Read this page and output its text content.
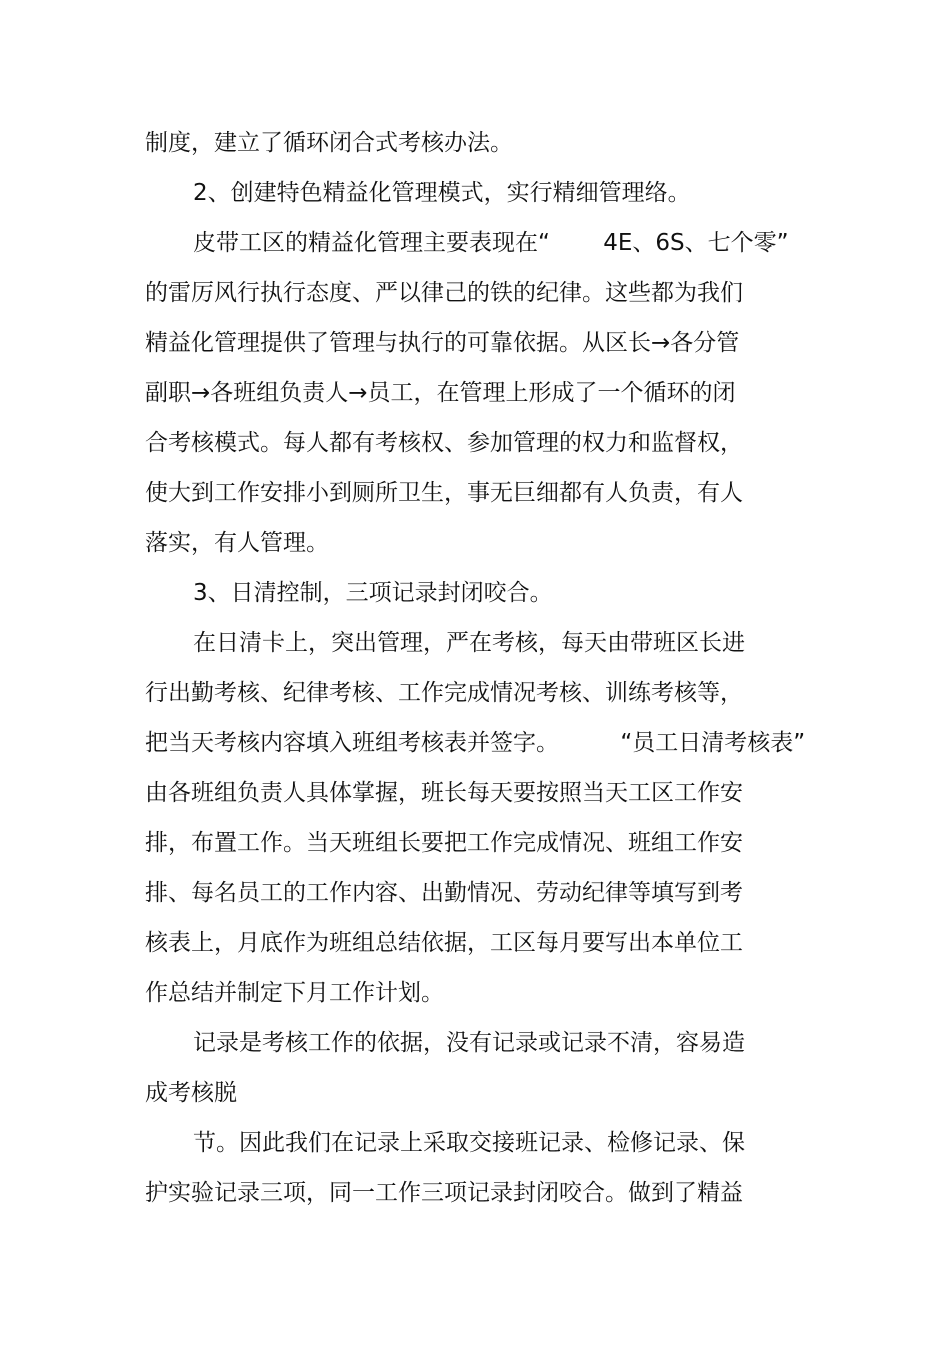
制度，建立了循环闭合式考核办法。
2、创建特色精益化管理模式，实行精细管理络。
皮带工区的精益化管理主要表现在“ 4E、6S、七个零”
的雷厉风行执行态度、严以律己的铁的纪律。这些都为我们
精益化管理提供了管理与执行的可靠依据。从区长→各分管
副职→各班组负责人→员工，在管理上形成了一个循环的闭
合考核模式。每人都有考核权、参加管理的权力和监督权，
使大到工作安排小到厕所卫生，事无巨细都有人负责，有人
落实，有人管理。
3、日清控制，三项记录封闭咬合。
在日清卡上，突出管理，严在考核，每天由带班区长进
行出勤考核、纪律考核、工作完成情况考核、训练考核等，
把当天考核内容填入班组考核表并签字。	“员工日清考核表”
由各班组负责人具体掌握，班长每天要按照当天工区工作安
排，布置工作。当天班组长要把工作完成情况、班组工作安
排、每名员工的工作内容、出勤情况、劳动纪律等填写到考
核表上，月底作为班组总结依据，工区每月要写出本单位工
作总结并制定下月工作计划。
记录是考核工作的依据，没有记录或记录不清，容易造
成考核脱
节。因此我们在记录上采取交接班记录、检修记录、保
护实验记录三项，同一工作三项记录封闭咬合。做到了精益
